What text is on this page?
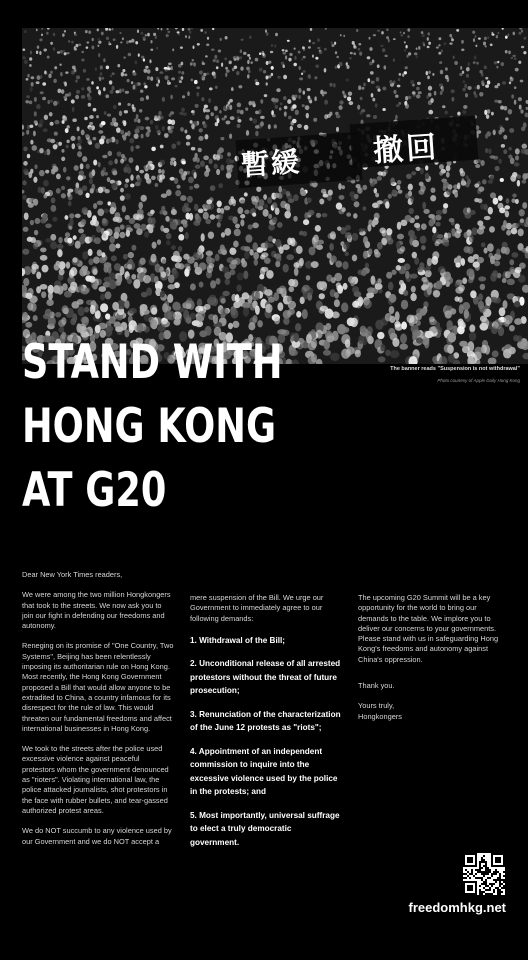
暫緩 撤回
The banner reads "Suspension is not withdrawal"
Photo courtesy of Apple Daily Hong Kong
STAND WITH
HONG KONG
AT G20

Dear New York Times readers,

We were among the two million Hongkongers that took to the streets. We now ask you to join our fight in defending our freedoms and autonomy.

Reneging on its promise of "One Country, Two Systems", Beijing has been relentlessly imposing its authoritarian rule on Hong Kong. Most recently, the Hong Kong Government proposed a Bill that would allow anyone to be extradited to China, a country infamous for its disrespect for the rule of law. This would threaten our fundamental freedoms and affect international businesses in Hong Kong.

We took to the streets after the police used excessive violence against peaceful protestors whom the government denounced as "rioters". Violating international law, the police attacked journalists, shot protestors in the face with rubber bullets, and tear-gassed authorized protest areas.

We do NOT succumb to any violence used by our Government and we do NOT accept a

mere suspension of the Bill. We urge our Government to immediately agree to our following demands:

1. Withdrawal of the Bill;

2. Unconditional release of all arrested protestors without the threat of future prosecution;

3. Renunciation of the characterization of the June 12 protests as "riots";

4. Appointment of an independent commission to inquire into the excessive violence used by the police in the protests; and

5. Most importantly, universal suffrage to elect a truly democratic government.

The upcoming G20 Summit will be a key opportunity for the world to bring our demands to the table. We implore you to deliver our concerns to your governments. Please stand with us in safeguarding Hong Kong's freedoms and autonomy against China's oppression.

Thank you.

Yours truly,

Hongkongers

freedomhkg.net
